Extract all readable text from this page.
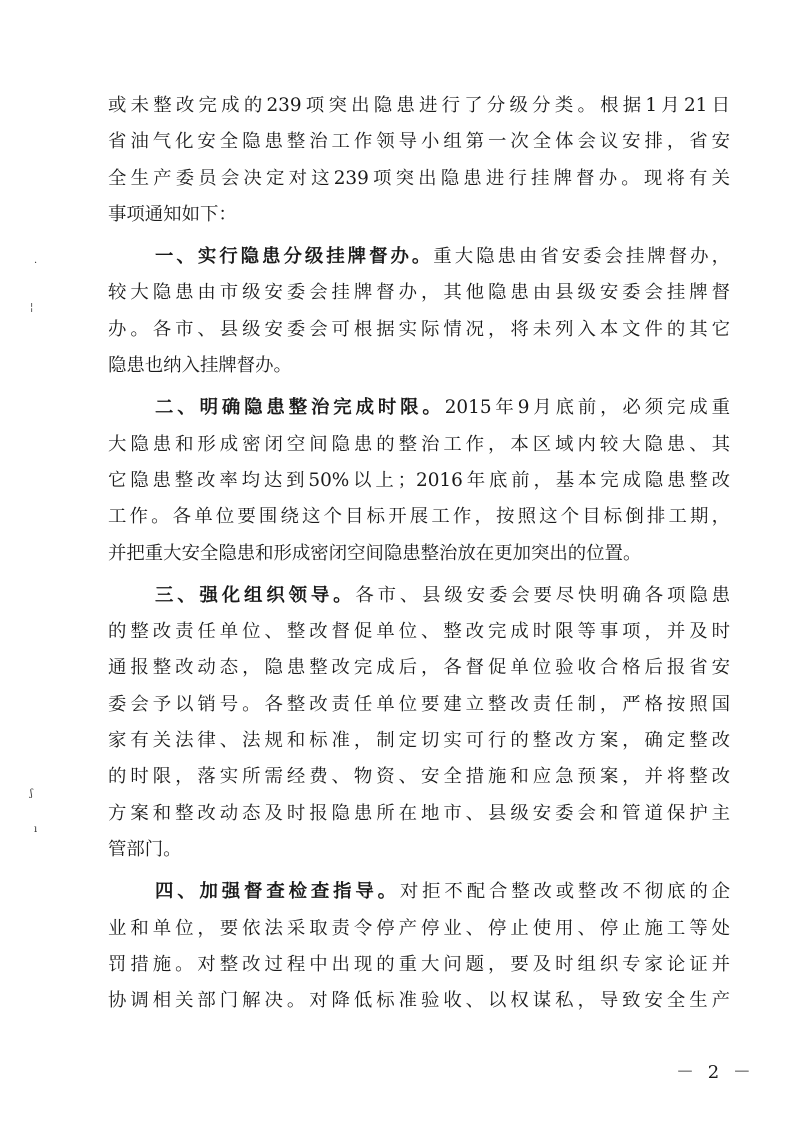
或未整改完成的239项突出隐患进行了分级分类。根据1月21日
省油气化安全隐患整治工作领导小组第一次全体会议安排，省安
全生产委员会决定对这239项突出隐患进行挂牌督办。现将有关
事项通知如下：
一、实行隐患分级挂牌督办。重大隐患由省安委会挂牌督办，
较大隐患由市级安委会挂牌督办，其他隐患由县级安委会挂牌督
办。各市、县级安委会可根据实际情况，将未列入本文件的其它
隐患也纳入挂牌督办。
二、明确隐患整治完成时限。2015年9月底前，必须完成重
大隐患和形成密闭空间隐患的整治工作，本区域内较大隐患、其
它隐患整改率均达到50%以上；2016年底前，基本完成隐患整改
工作。各单位要围绕这个目标开展工作，按照这个目标倒排工期，
并把重大安全隐患和形成密闭空间隐患整治放在更加突出的位置。
三、强化组织领导。各市、县级安委会要尽快明确各项隐患
的整改责任单位、整改督促单位、整改完成时限等事项，并及时
通报整改动态，隐患整改完成后，各督促单位验收合格后报省安
委会予以销号。各整改责任单位要建立整改责任制，严格按照国
家有关法律、法规和标准，制定切实可行的整改方案，确定整改
的时限，落实所需经费、物资、安全措施和应急预案，并将整改
方案和整改动态及时报隐患所在地市、县级安委会和管道保护主
管部门。
四、加强督查检查指导。对拒不配合整改或整改不彻底的企
业和单位，要依法采取责令停产停业、停止使用、停止施工等处
罚措施。对整改过程中出现的重大问题，要及时组织专家论证并
协调相关部门解决。对降低标准验收、以权谋私，导致安全生产
·
¦
ʃ
ı
－ 2 －
